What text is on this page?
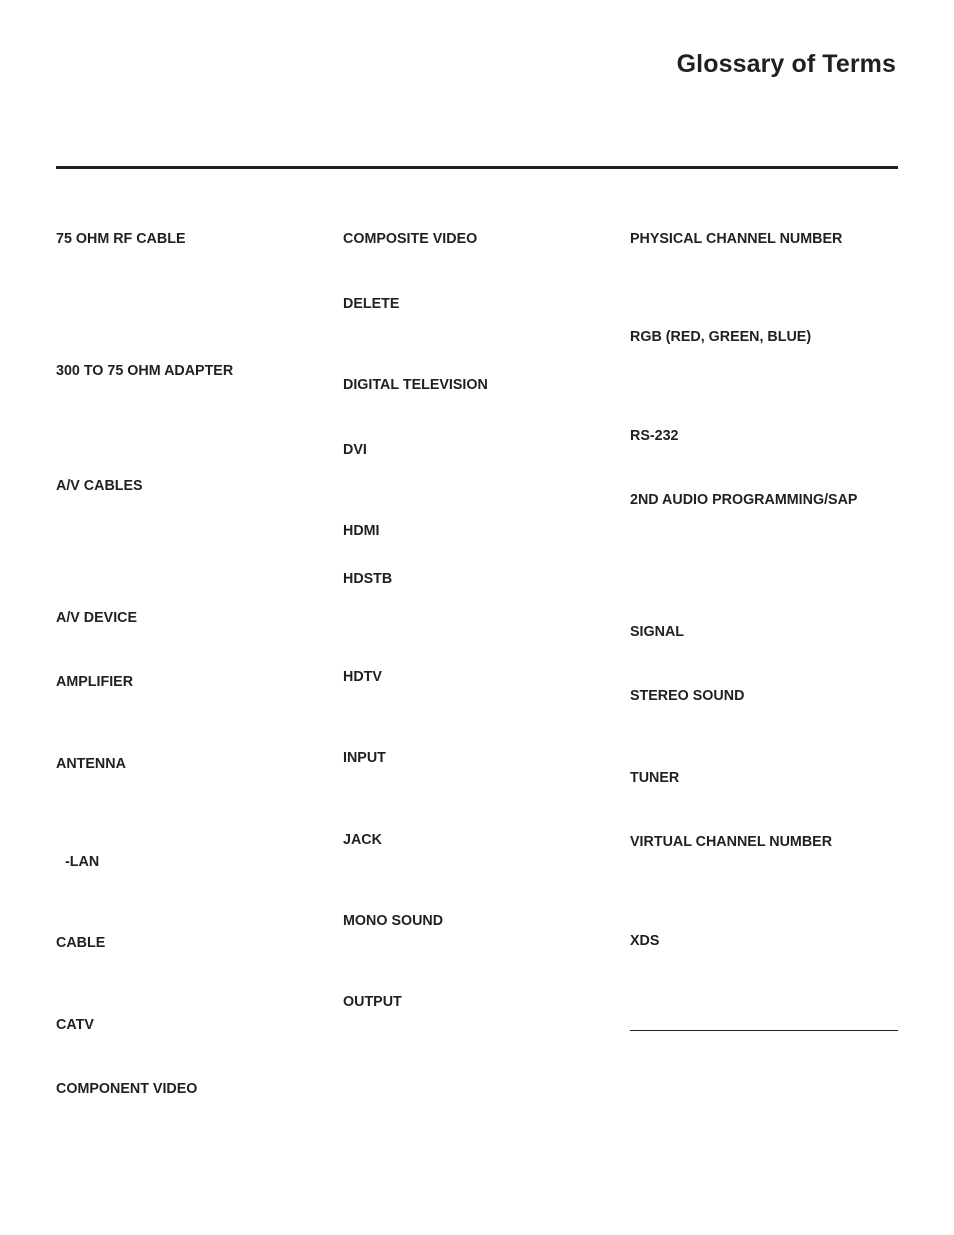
Glossary of Terms

75 OHM RF CABLE

300 TO 75 OHM ADAPTER

A/V CABLES

A/V DEVICE

AMPLIFIER

ANTENNA

-LAN

CABLE

CATV

COMPONENT VIDEO

COMPOSITE VIDEO

DELETE

DIGITAL TELEVISION

DVI

HDMI

HDSTB

HDTV

INPUT

JACK

MONO SOUND

OUTPUT

PHYSICAL CHANNEL NUMBER

RGB (RED, GREEN, BLUE)

RS-232

2ND AUDIO PROGRAMMING/SAP

SIGNAL

STEREO SOUND

TUNER

VIRTUAL CHANNEL NUMBER

XDS
